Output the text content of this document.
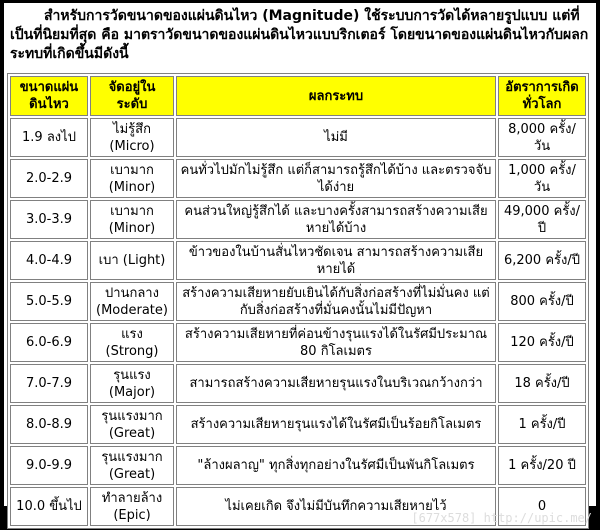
สำหรับการวัดขนาดของแผ่นดินไหว (Magnitude) ใช้ระบบการวัดได้หลายรูปแบบ แต่ที่เป็นที่นิยมที่สุด คือ มาตราวัดขนาดของแผ่นดินไหวแบบริกเตอร์ โดยขนาดของแผ่นดินไหวกับผลกระทบที่เกิดขึ้นมีดังนี้

ขนาดแผ่นดินไหว	จัดอยู่ในระดับ	ผลกระทบ	อัตราการเกิดทั่วโลก
1.9 ลงไป	ไม่รู้สึก (Micro)	ไม่มี	8,000 ครั้ง/วัน
2.0-2.9	เบามาก (Minor)	คนทั่วไปมักไม่รู้สึก แต่ก็สามารถรู้สึกได้บ้าง และตรวจจับได้ง่าย	1,000 ครั้ง/วัน
3.0-3.9	เบามาก (Minor)	คนส่วนใหญ่รู้สึกได้ และบางครั้งสามารถสร้างความเสียหายได้บ้าง	49,000 ครั้ง/ปี
4.0-4.9	เบา (Light)	ข้าวของในบ้านสั่นไหวชัดเจน สามารถสร้างความเสียหายได้	6,200 ครั้ง/ปี
5.0-5.9	ปานกลาง (Moderate)	สร้างความเสียหายยับเยินได้กับสิ่งก่อสร้างที่ไม่มั่นคง แต่กับสิ่งก่อสร้างที่มั่นคงนั้นไม่มีปัญหา	800 ครั้ง/ปี
6.0-6.9	แรง (Strong)	สร้างความเสียหายที่ค่อนข้างรุนแรงได้ในรัศมีประมาณ 80 กิโลเมตร	120 ครั้ง/ปี
7.0-7.9	รุนแรง (Major)	สามารถสร้างความเสียหายรุนแรงในบริเวณกว้างกว่า	18 ครั้ง/ปี
8.0-8.9	รุนแรงมาก (Great)	สร้างความเสียหายรุนแรงได้ในรัศมีเป็นร้อยกิโลเมตร	1 ครั้ง/ปี
9.0-9.9	รุนแรงมาก (Great)	"ล้างผลาญ" ทุกสิ่งทุกอย่างในรัศมีเป็นพันกิโลเมตร	1 ครั้ง/20 ปี
10.0 ขึ้นไป	ทำลายล้าง (Epic)	ไม่เคยเกิด จึงไม่มีบันทึกความเสียหายไว้	0
[677x578] http://upic.me/
